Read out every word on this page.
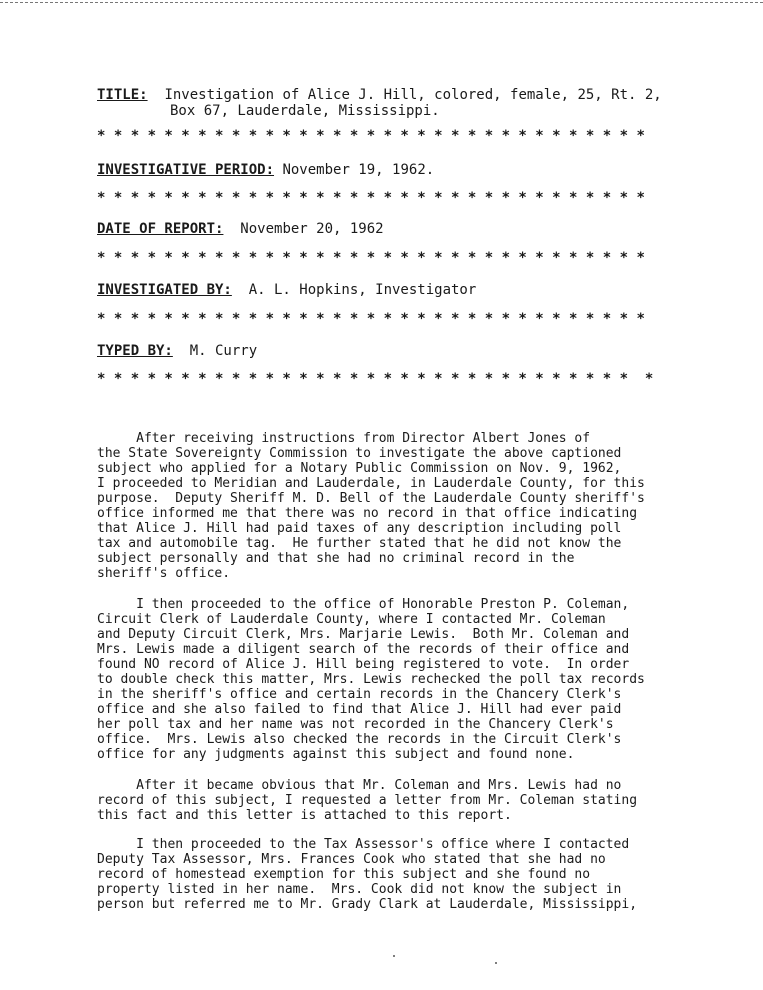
TITLE: Investigation of Alice J. Hill, colored, female, 25, Rt. 2,
Box 67, Lauderdale, Mississippi.
* * * * * * * * * * * * * * * * * * * * * * * * * * * * * * * * *
INVESTIGATIVE PERIOD: November 19, 1962.
* * * * * * * * * * * * * * * * * * * * * * * * * * * * * * * * *
DATE OF REPORT: November 20, 1962
* * * * * * * * * * * * * * * * * * * * * * * * * * * * * * * * *
INVESTIGATED BY: A. L. Hopkins, Investigator
* * * * * * * * * * * * * * * * * * * * * * * * * * * * * * * * *
TYPED BY: M. Curry
* * * * * * * * * * * * * * * * * * * * * * * * * * * * * * * *  *
After receiving instructions from Director Albert Jones of
the State Sovereignty Commission to investigate the above captioned
subject who applied for a Notary Public Commission on Nov. 9, 1962,
I proceeded to Meridian and Lauderdale, in Lauderdale County, for this
purpose.  Deputy Sheriff M. D. Bell of the Lauderdale County sheriff's
office informed me that there was no record in that office indicating
that Alice J. Hill had paid taxes of any description including poll
tax and automobile tag.  He further stated that he did not know the
subject personally and that she had no criminal record in the
sheriff's office.
I then proceeded to the office of Honorable Preston P. Coleman,
Circuit Clerk of Lauderdale County, where I contacted Mr. Coleman
and Deputy Circuit Clerk, Mrs. Marjarie Lewis.  Both Mr. Coleman and
Mrs. Lewis made a diligent search of the records of their office and
found NO record of Alice J. Hill being registered to vote.  In order
to double check this matter, Mrs. Lewis rechecked the poll tax records
in the sheriff's office and certain records in the Chancery Clerk's
office and she also failed to find that Alice J. Hill had ever paid
her poll tax and her name was not recorded in the Chancery Clerk's
office.  Mrs. Lewis also checked the records in the Circuit Clerk's
office for any judgments against this subject and found none.
After it became obvious that Mr. Coleman and Mrs. Lewis had no
record of this subject, I requested a letter from Mr. Coleman stating
this fact and this letter is attached to this report.
I then proceeded to the Tax Assessor's office where I contacted
Deputy Tax Assessor, Mrs. Frances Cook who stated that she had no
record of homestead exemption for this subject and she found no
property listed in her name.  Mrs. Cook did not know the subject in
person but referred me to Mr. Grady Clark at Lauderdale, Mississippi,
